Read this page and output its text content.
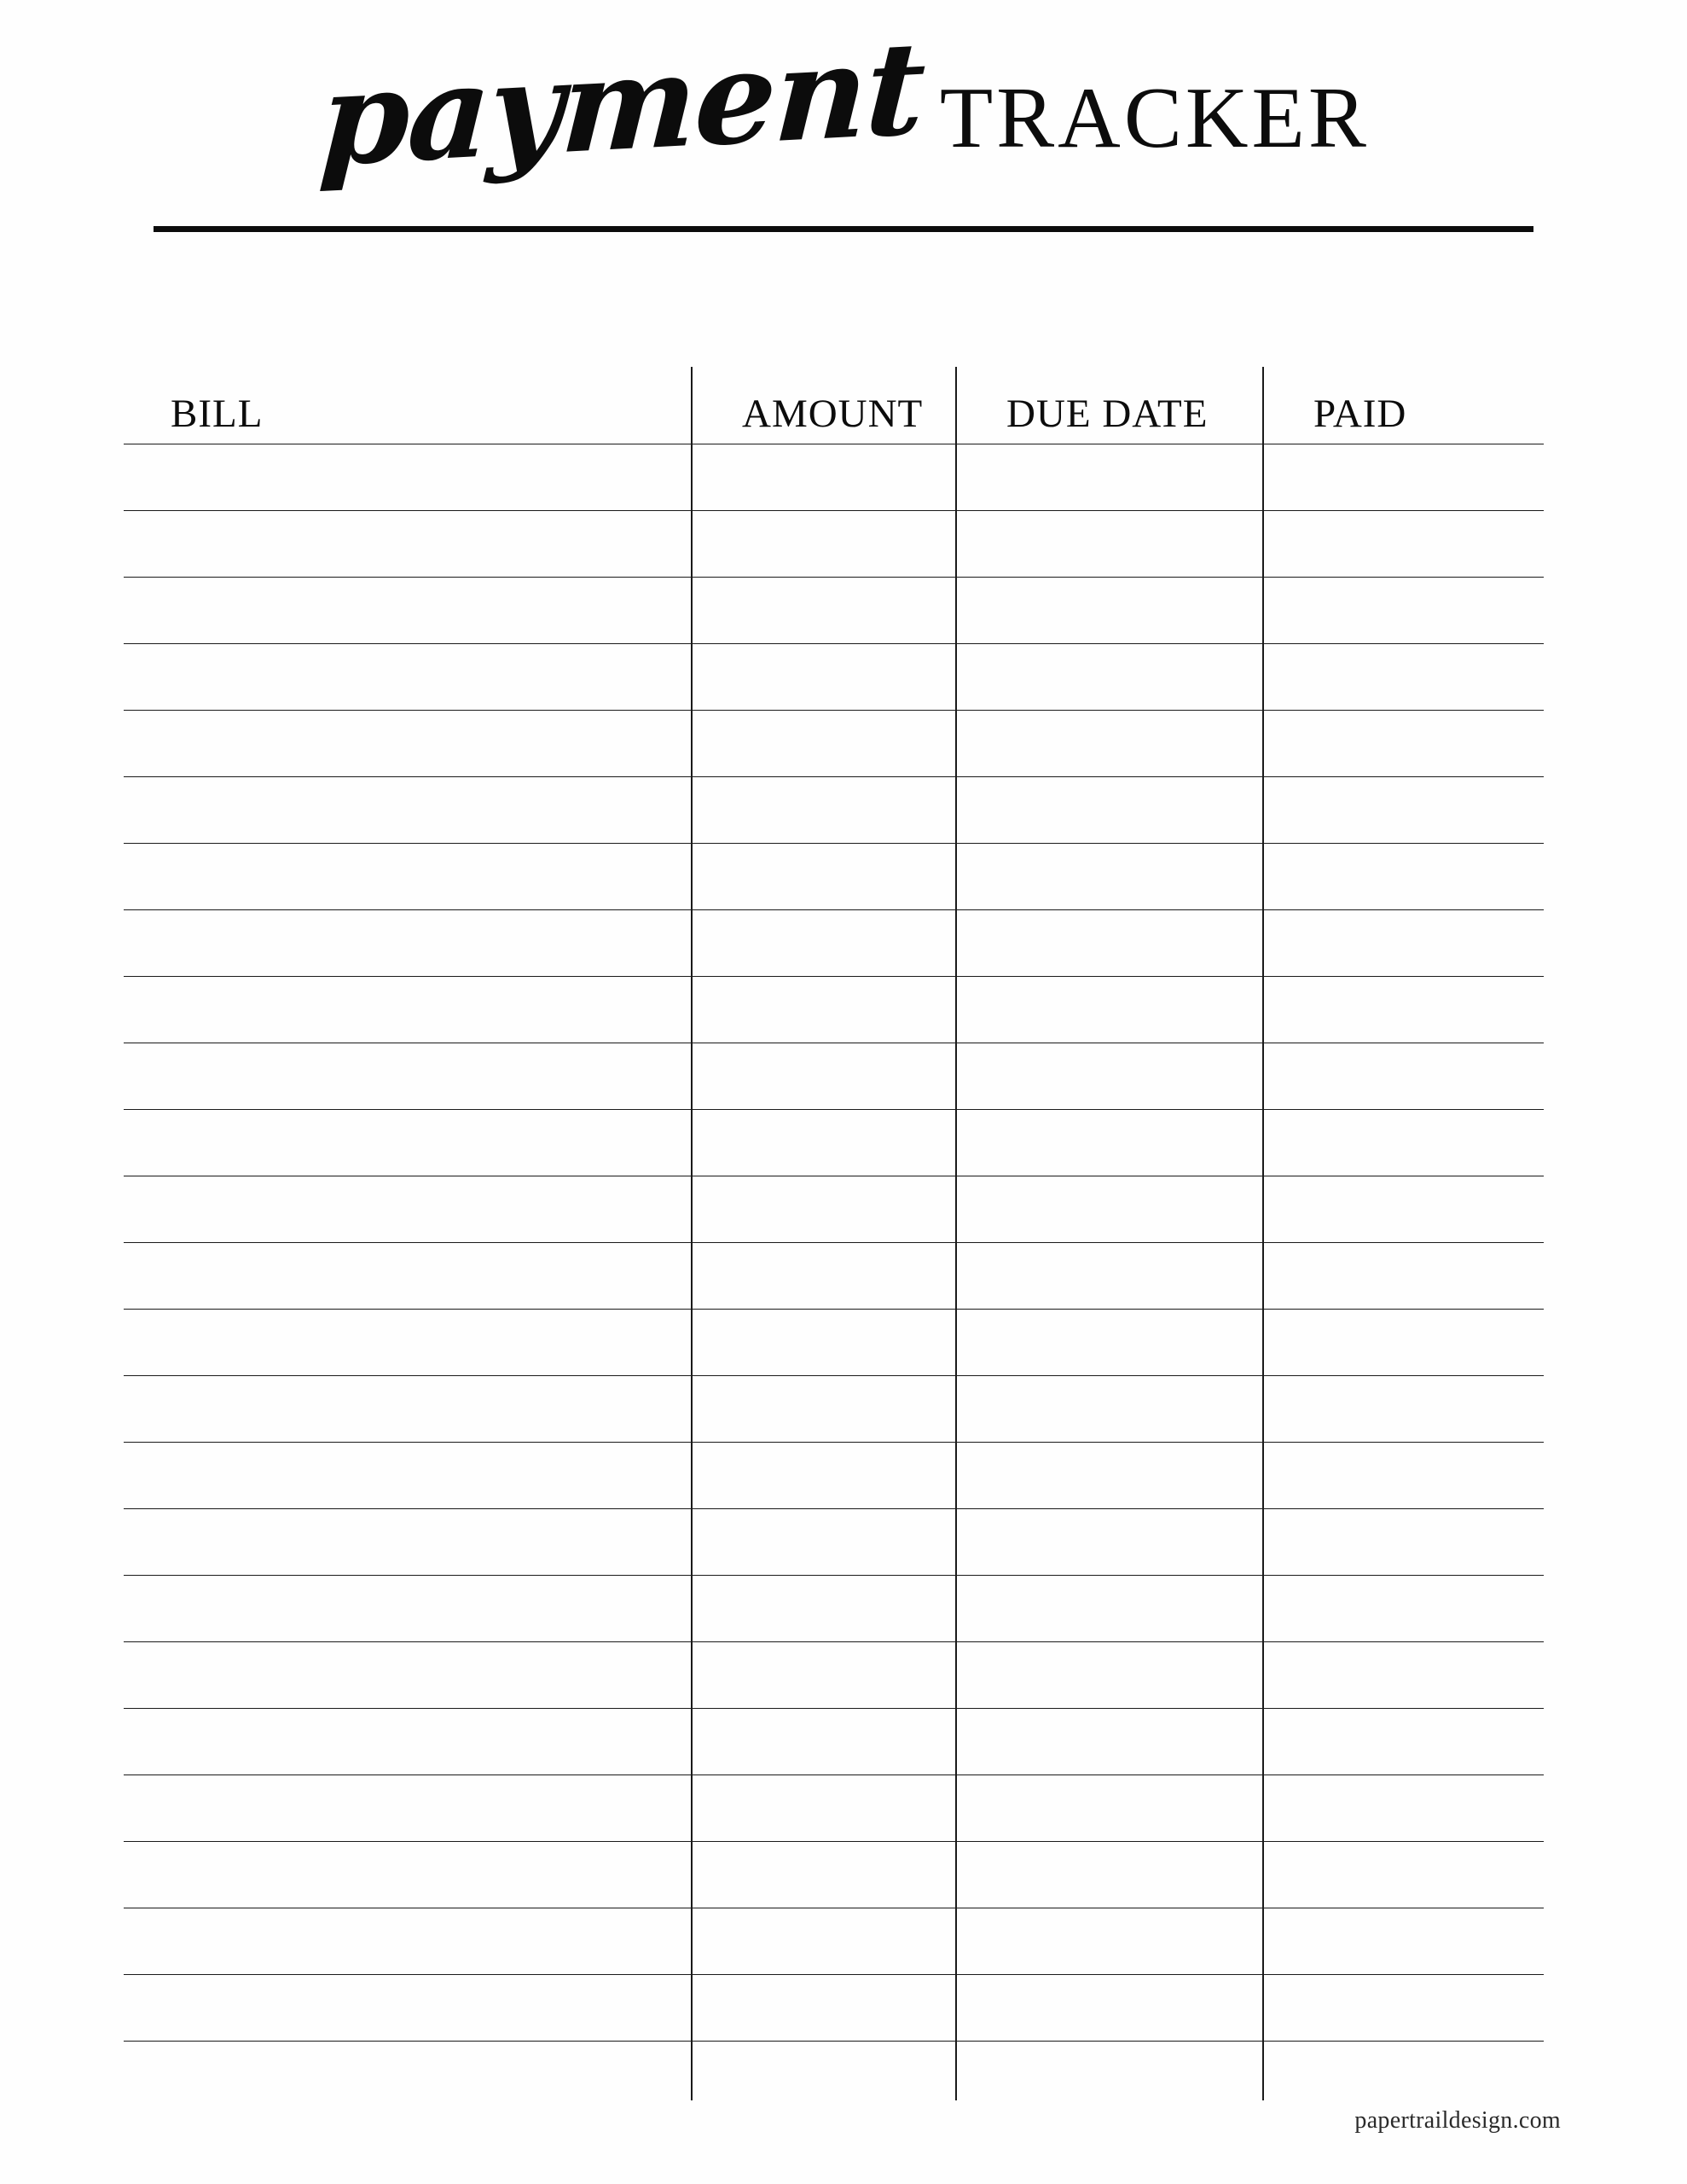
payment TRACKER
BILL	AMOUNT DUE DATE	PAID
papertraildesign.com
